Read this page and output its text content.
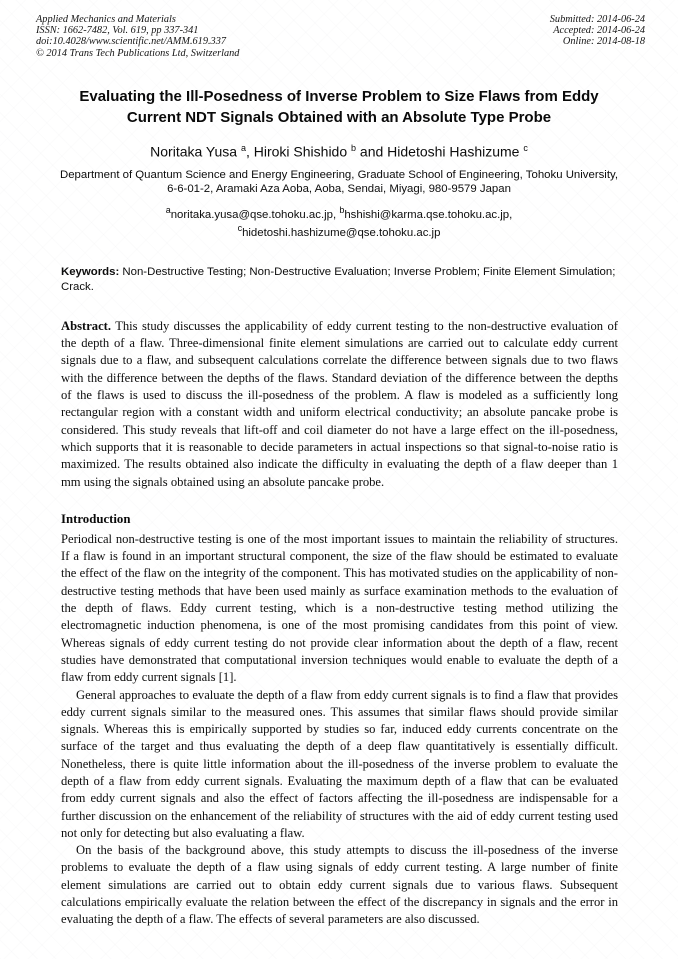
Applied Mechanics and Materials
ISSN: 1662-7482, Vol. 619, pp 337-341
doi:10.4028/www.scientific.net/AMM.619.337
© 2014 Trans Tech Publications Ltd, Switzerland
Submitted: 2014-06-24
Accepted: 2014-06-24
Online: 2014-08-18
Evaluating the Ill-Posedness of Inverse Problem to Size Flaws from Eddy Current NDT Signals Obtained with an Absolute Type Probe
Noritaka Yusa $^a$, Hiroki Shishido $^b$ and Hidetoshi Hashizume $^c$
Department of Quantum Science and Energy Engineering, Graduate School of Engineering, Tohoku University, 6-6-01-2, Aramaki Aza Aoba, Aoba, Sendai, Miyagi, 980-9579 Japan
$^a$noritaka.yusa@qse.tohoku.ac.jp, $^b$hshishi@karma.qse.tohoku.ac.jp,
$^c$hidetoshi.hashizume@qse.tohoku.ac.jp
Keywords: Non-Destructive Testing; Non-Destructive Evaluation; Inverse Problem; Finite Element Simulation; Crack.
Abstract. This study discusses the applicability of eddy current testing to the non-destructive evaluation of the depth of a flaw. Three-dimensional finite element simulations are carried out to calculate eddy current signals due to a flaw, and subsequent calculations correlate the difference between signals due to two flaws with the difference between the depths of the flaws. Standard deviation of the difference between the depths of the flaws is used to discuss the ill-posedness of the problem. A flaw is modeled as a sufficiently long rectangular region with a constant width and uniform electrical conductivity; an absolute pancake probe is considered. This study reveals that lift-off and coil diameter do not have a large effect on the ill-posedness, which supports that it is reasonable to decide parameters in actual inspections so that signal-to-noise ratio is maximized. The results obtained also indicate the difficulty in evaluating the depth of a flaw deeper than 1 mm using the signals obtained using an absolute pancake probe.
Introduction

Periodical non-destructive testing is one of the most important issues to maintain the reliability of structures. If a flaw is found in an important structural component, the size of the flaw should be estimated to evaluate the effect of the flaw on the integrity of the component. This has motivated studies on the applicability of non-destructive testing methods that have been used mainly as surface examination methods to the evaluation of the depth of flaws. Eddy current testing, which is a non-destructive testing method utilizing the electromagnetic induction phenomena, is one of the most promising candidates from this point of view. Whereas signals of eddy current testing do not provide clear information about the depth of a flaw, recent studies have demonstrated that computational inversion techniques would enable to evaluate the depth of a flaw from eddy current signals [1].

General approaches to evaluate the depth of a flaw from eddy current signals is to find a flaw that provides eddy current signals similar to the measured ones. This assumes that similar flaws should provide similar signals. Whereas this is empirically supported by studies so far, induced eddy currents concentrate on the surface of the target and thus evaluating the depth of a deep flaw quantitatively is essentially difficult. Nonetheless, there is quite little information about the ill-posedness of the inverse problem to evaluate the depth of a flaw from eddy current signals. Evaluating the maximum depth of a flaw that can be evaluated from eddy current signals and also the effect of factors affecting the ill-posedness are indispensable for a further discussion on the enhancement of the reliability of structures with the aid of eddy current testing used not only for detecting but also evaluating a flaw.

On the basis of the background above, this study attempts to discuss the ill-posedness of the inverse problems to evaluate the depth of a flaw using signals of eddy current testing. A large number of finite element simulations are carried out to obtain eddy current signals due to various flaws. Subsequent calculations empirically evaluate the relation between the effect of the discrepancy in signals and the error in evaluating the depth of a flaw. The effects of several parameters are also discussed.
